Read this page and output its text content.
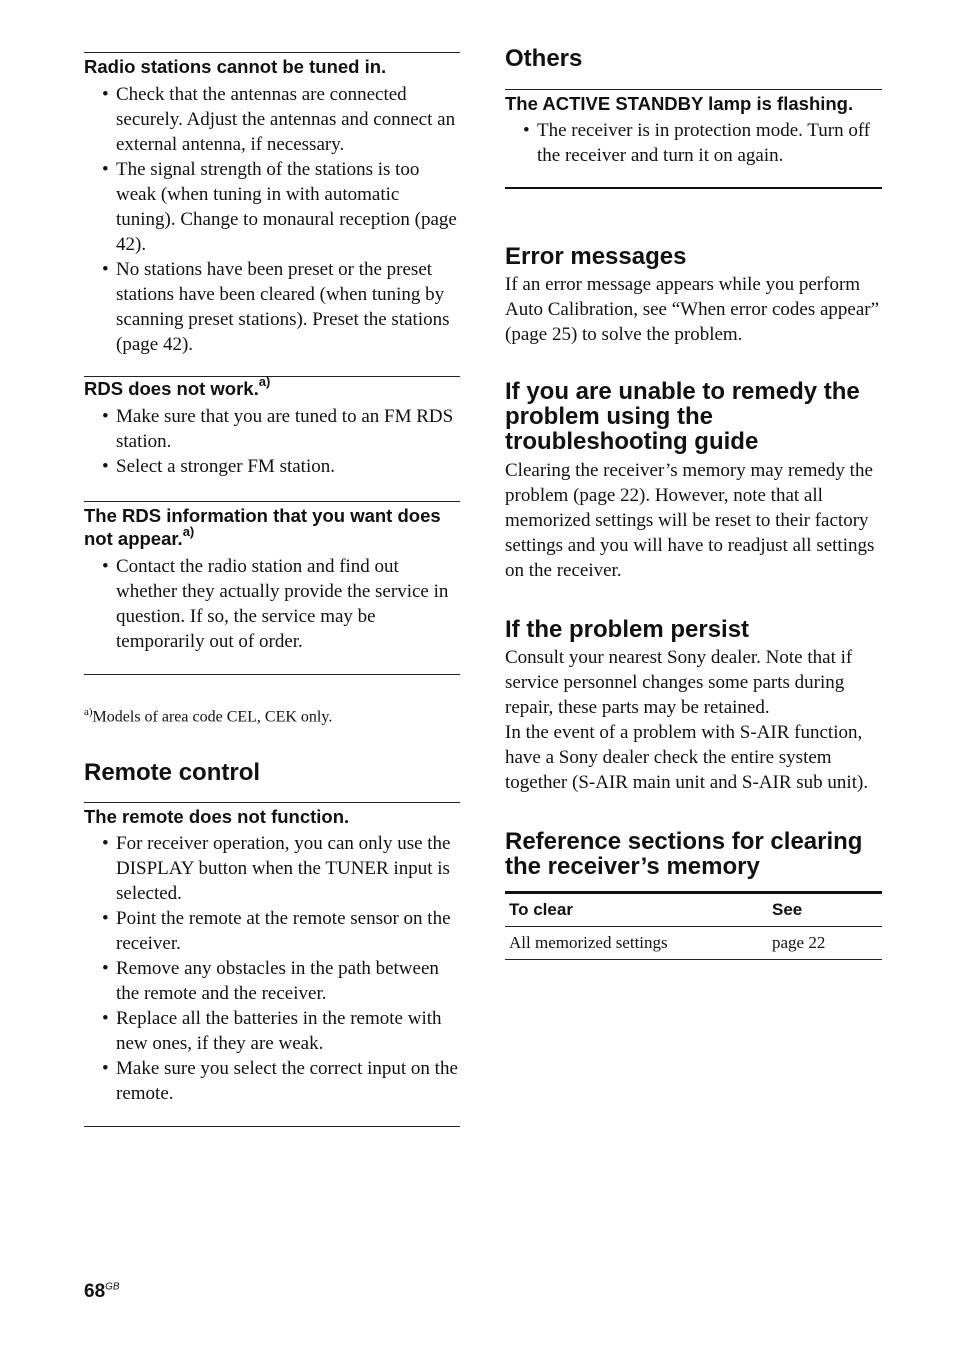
Radio stations cannot be tuned in.
• Check that the antennas are connected securely. Adjust the antennas and connect an external antenna, if necessary.
• The signal strength of the stations is too weak (when tuning in with automatic tuning). Change to monaural reception (page 42).
• No stations have been preset or the preset stations have been cleared (when tuning by scanning preset stations). Preset the stations (page 42).
RDS does not work.$^{a)}$
• Make sure that you are tuned to an FM RDS station.
• Select a stronger FM station.
The RDS information that you want does not appear.$^{a)}$
• Contact the radio station and find out whether they actually provide the service in question. If so, the service may be temporarily out of order.
$^{a)}$Models of area code CEL, CEK only.
Remote control
The remote does not function.
• For receiver operation, you can only use the DISPLAY button when the TUNER input is selected.
• Point the remote at the remote sensor on the receiver.
• Remove any obstacles in the path between the remote and the receiver.
• Replace all the batteries in the remote with new ones, if they are weak.
• Make sure you select the correct input on the remote.
Others
The ACTIVE STANDBY lamp is flashing.
• The receiver is in protection mode. Turn off the receiver and turn it on again.
Error messages

If an error message appears while you perform Auto Calibration, see “When error codes appear” (page 25) to solve the problem.

If you are unable to remedy the problem using the troubleshooting guide

Clearing the receiver’s memory may remedy the problem (page 22). However, note that all memorized settings will be reset to their factory settings and you will have to readjust all settings on the receiver.

If the problem persist

Consult your nearest Sony dealer. Note that if service personnel changes some parts during repair, these parts may be retained.

In the event of a problem with S-AIR function, have a Sony dealer check the entire system together (S-AIR main unit and S-AIR sub unit).

Reference sections for clearing the receiver’s memory
To clear	See
All memorized settings	page 22
$68^{GB}$
